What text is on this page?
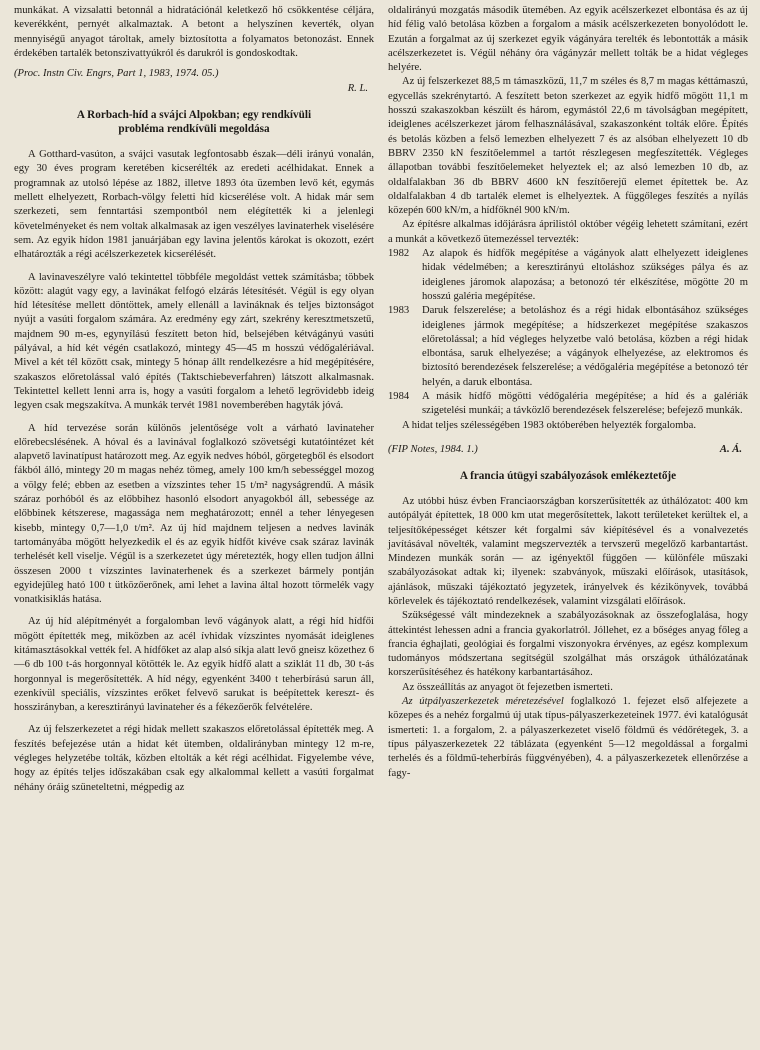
munkákat. A vizsalatti betonnál a hidratációnál keletkező hő csökkentése céljára, keverékként, pernyét alkalmaztak. A betont a helyszínen keverték, olyan mennyiségű anyagot tároltak, amely biztosította a folyamatos betonozást. Ennek érdekében tartalék betonszivattyúkról és darukról is gondoskodtak.

(Proc. Instn Civ. Engrs, Part 1, 1983, 1974. 05.)
R. L.
A Rorbach-híd a svájci Alpokban; egy rendkívüli
probléma rendkívüli megoldása

A Gotthard-vasúton, a svájci vasutak legfontosabb észak—déli irányú vonalán, egy 30 éves program keretében kicserélték az eredeti acélhidakat. Ennek a programnak az utolsó lépése az 1882, illetve 1893 óta üzemben levő két, egymás mellett elhelyezett, Rorbach-völgy feletti híd kicserélése volt. A hidak már sem szerkezeti, sem fenntartási szempontból nem elégítették ki a jelenlegi követelményeket és nem voltak alkalmasak az igen veszélyes lavinaterhek viselésére sem. Az egyik hídon 1981 januárjában egy lavina jelentős károkat is okozott, ezért elhatározták a régi acélszerkezetek kicserélését.

A lavinaveszélyre való tekintettel többféle megoldást vettek számításba; többek között: alagút vagy egy, a lavinákat felfogó elzárás létesítését. Végül is egy olyan híd létesítése mellett döntöttek, amely ellenáll a lavináknak és teljes biztonságot nyújt a vasúti forgalom számára. Az eredmény egy zárt, szekrény keresztmetszetű, majdnem 90 m-es, egynyílású feszített beton híd, belsejében kétvágányú vasúti pályával, a híd két végén csatlakozó, mintegy 45—45 m hosszú védőgalériával. Mivel a két tél között csak, mintegy 5 hónap állt rendelkezésre a híd megépítésére, szakaszos előretolással való építés (Taktschiebeverfahren) látszott alkalmasnak. Tekintettel kellett lenni arra is, hogy a vasúti forgalom a lehető legrövidebb ideig legyen csak megszakítva. A munkák tervét 1981 novemberében hagyták jóvá.

A híd tervezése során különös jelentősége volt a várható lavinateher előrebecslésének. A hóval és a lavinával foglalkozó szövetségi kutatóintézet két alapvető lavinatípust határozott meg. Az egyik nedves hóból, görgetegből és elsodort fákból álló, mintegy 20 m magas nehéz tömeg, amely 100 km/h sebességgel mozog a völgy felé; ebben az esetben a vízszintes teher 15 t/m² nagyságrendű. A másik száraz porhóból és az előbbihez hasonló elsodort anyagokból áll, sebessége az előbbinek kétszerese, magassága nem meghatározott; ennél a teher lényegesen kisebb, mintegy 0,7—1,0 t/m². Az új híd majdnem teljesen a nedves lavinák tartományába mögött helyezkedik el és az egyik hídfőt kivéve csak száraz lavinák terhelését kell viselje. Végül is a szerkezetet úgy méretezték, hogy ellen tudjon állni összesen 2000 t vízszintes lavinaterhenek és a szerkezet bármely pontján egyidejűleg ható 100 t ütközőerőnek, ami lehet a lavina által hozott törmelék vagy vonatkisiklás hatása.

Az új híd alépítményét a forgalomban levő vágányok alatt, a régi híd hídfői mögött építették meg, miközben az acél ívhidak vízszintes nyomását ideiglenes kitámasztásokkal vették fel. A hídfőket az alap alsó síkja alatt levő gneisz közethez 6—6 db 100 t-ás horgonnyal kötötték le. Az egyik hídfő alatt a sziklát 11 db, 30 t-ás horgonnyal is megerősítették. A híd négy, egyenként 3400 t teherbírású sarun áll, ezenkívül speciális, vízszintes erőket felvevő sarukat is beépítettek kereszt- és hosszirányban, a keresztirányú lavinateher és a fékezőerők felvételére.

Az új felszerkezetet a régi hidak mellett szakaszos előretolással építették meg. A feszítés befejezése után a hidat két ütemben, oldalirányban mintegy 12 m-re, végleges helyzetébe tolták, közben eltolták a két régi acélhidat. Figyelembe véve, hogy az építés teljes időszakában csak egy alkalommal kellett a vasúti forgalmat néhány óráig szüneteltetni, mégpedig az

oldalirányú mozgatás második ütemében. Az egyik acélszerkezet elbontása és az új híd félig való betolása közben a forgalom a másik acélszerkezeten bonyolódott le. Ezután a forgalmat az új szerkezet egyik vágányára terelték és lebontották a másik acélszerkezetet is. Végül néhány óra vágányzár mellett tolták be a hidat végleges helyére.

Az új felszerkezet 88,5 m támaszközű, 11,7 m széles és 8,7 m magas kéttámaszú, egycellás szekrénytartó. A feszített beton szerkezet az egyik hídfő mögött 11,1 m hosszú szakaszokban készült és három, egymástól 22,6 m távolságban megépített, ideiglenes acélszerkezet járom felhasználásával, szakaszonként tolták előre. Építés és betolás közben a felső lemezben elhelyezett 7 és az alsóban elhelyezett 10 db BBRV 2350 kN feszítőelemmel a tartót részlegesen megfeszítették. Végleges állapotban további feszítőelemeket helyeztek el; az alsó lemezben 10 db, az oldalfalakban 36 db BBRV 4600 kN feszítőerejű elemet építettek be. Az oldalfalakban 4 db tartalék elemet is elhelyeztek. A függőleges feszítés a nyílás közepén 600 kN/m, a hídfőknél 900 kN/m.

Az építésre alkalmas időjárásra áprilistól október végéig lehetett számítani, ezért a munkát a következő ütemezéssel tervezték:

1982	Az alapok és hídfők megépítése a vágányok alatt elhelyezett ideiglenes hidak védelmében; a keresztirányú eltoláshoz szükséges pálya és az ideiglenes járomok alapozása; a betonozó tér elkészítése, mögötte 20 m hosszú galéria megépítése.
1983	Daruk felszerelése; a betoláshoz és a régi hidak elbontásához szükséges ideiglenes jármok megépítése; a hídszerkezet megépítése szakaszos előretolással; a híd végleges helyzetbe való betolása, közben a régi hidak elbontása, saruk elhelyezése; a vágányok elhelyezése, az elektromos és biztosító berendezések felszerelése; a védőgaléria megépítése a betonozó tér helyén, a daruk elbontása.
1984	A másik hídfő mögötti védőgaléria megépítése; a híd és a galériák szigetelési munkái; a távközlő berendezések felszerelése; befejező munkák.

A hidat teljes szélességében 1983 októberében helyezték forgalomba.

(FIP Notes, 1984. 1.)	A. Á.
A francia útügyi szabályozások emlékeztetője

Az utóbbi húsz évben Franciaországban korszerűsítették az úthálózatot: 400 km autópályát építettek, 18 000 km utat megerősítettek, lakott területeket kerültek el, a teljesítőképességet kétszer két forgalmi sáv kiépítésével és a vonalvezetés javításával növelték, valamint megszervezték a tervszerű megelőző karbantartást. Mindezen munkák során — az igényektől függően — különféle műszaki szabályozásokat adtak ki; ilyenek: szabványok, műszaki előírások, utasítások, ajánlások, műszaki tájékoztató jegyzetek, irányelvek és kézikönyvek, továbbá körlevelek és tájékoztató rendelkezések, valamint vizsgálati előírások.

Szükségessé vált mindezeknek a szabályozásoknak az összefoglalása, hogy áttekintést lehessen adni a francia gyakorlatról. Jóllehet, ez a bőséges anyag főleg a francia éghajlati, geológiai és forgalmi viszonyokra érvényes, az egész komplexum tudományos módszertana segítségül szolgálhat más országok úthálózatának korszerűsítéséhez és hatékony karbantartásához.

Az összeállítás az anyagot öt fejezetben ismerteti.

Az útpályaszerkezetek méretezésével foglalkozó 1. fejezet első alfejezete a közepes és a nehéz forgalmú új utak típus-pályaszerkezeteinek 1977. évi katalógusát ismerteti: 1. a forgalom, 2. a pályaszerkezetet viselő földmű és védőrétegek, 3. a típus pályaszerkezetek 22 táblázata (egyenként 5—12 megoldással a forgalmi terhelés és a földmű-teherbírás függvényében), 4. a pályaszerkezetek ellenőrzése a fagy-
